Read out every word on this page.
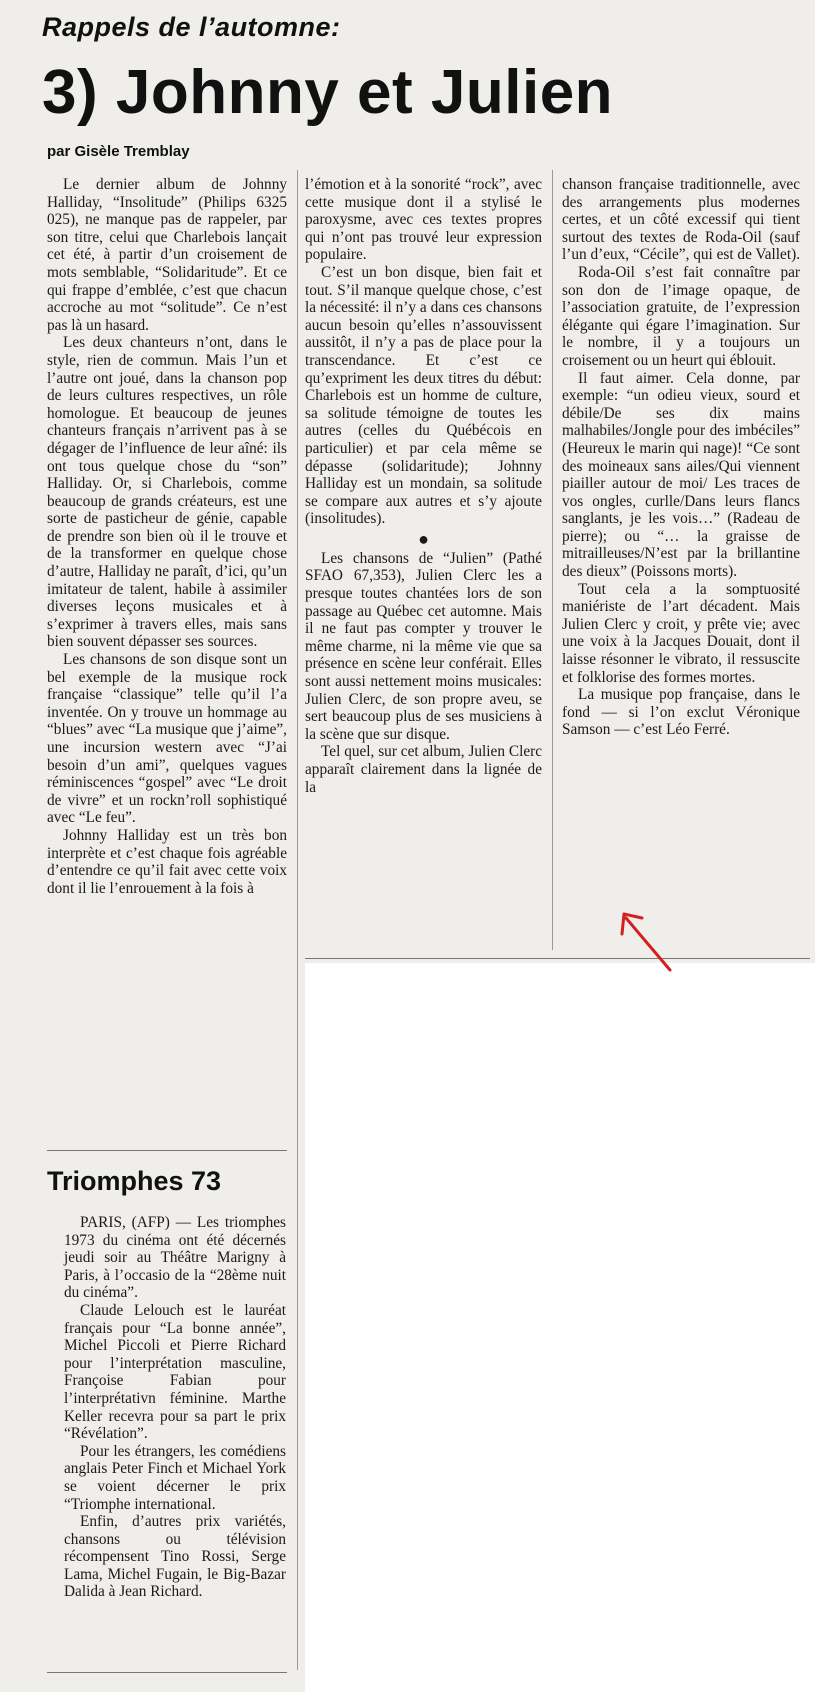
Rappels de l’automne:
3) Johnny et Julien
par Gisèle Tremblay

Le dernier album de Johnny Halliday, “Insolitude” (Philips 6325 025), ne manque pas de rappeler, par son titre, celui que Charlebois lançait cet été, à partir d’un croisement de mots semblable, “Solidaritude”. Et ce qui frappe d’emblée, c’est que chacun accroche au mot “solitude”. Ce n’est pas là un hasard.

Les deux chanteurs n’ont, dans le style, rien de commun. Mais l’un et l’autre ont joué, dans la chanson pop de leurs cultures respectives, un rôle homologue. Et beaucoup de jeunes chanteurs français n’arrivent pas à se dégager de l’influence de leur aîné: ils ont tous quelque chose du “son” Halliday. Or, si Charlebois, comme beaucoup de grands créateurs, est une sorte de pasticheur de génie, capable de prendre son bien où il le trouve et de la transformer en quelque chose d’autre, Halliday ne paraît, d’ici, qu’un imitateur de talent, habile à assimiler diverses leçons musicales et à s’exprimer à travers elles, mais sans bien souvent dépasser ses sources.

Les chansons de son disque sont un bel exemple de la musique rock française “classique” telle qu’il l’a inventée. On y trouve un hommage au “blues” avec “La musique que j’aime”, une incursion western avec “J’ai besoin d’un ami”, quelques vagues réminiscences “gospel” avec “Le droit de vivre” et un rockn’roll sophistiqué avec “Le feu”.

Johnny Halliday est un très bon interprète et c’est chaque fois agréable d’entendre ce qu’il fait avec cette voix dont il lie l’enrouement à la fois à

l’émotion et à la sonorité “rock”, avec cette musique dont il a stylisé le paroxysme, avec ces textes propres qui n’ont pas trouvé leur expression populaire.

C’est un bon disque, bien fait et tout. S’il manque quelque chose, c’est la nécessité: il n’y a dans ces chansons aucun besoin qu’elles n’assouvissent aussitôt, il n’y a pas de place pour la transcendance. Et c’est ce qu’expriment les deux titres du début: Charlebois est un homme de culture, sa solitude témoigne de toutes les autres (celles du Québécois en particulier) et par cela même se dépasse (solidaritude); Johnny Halliday est un mondain, sa solitude se compare aux autres et s’y ajoute (insolitudes).

●

Les chansons de “Julien” (Pathé SFAO 67,353), Julien Clerc les a presque toutes chantées lors de son passage au Québec cet automne. Mais il ne faut pas compter y trouver le même charme, ni la même vie que sa présence en scène leur conférait. Elles sont aussi nettement moins musicales: Julien Clerc, de son propre aveu, se sert beaucoup plus de ses musiciens à la scène que sur disque.

Tel quel, sur cet album, Julien Clerc apparaît clairement dans la lignée de la

chanson française traditionnelle, avec des arrangements plus modernes certes, et un côté excessif qui tient surtout des textes de Roda-Oil (sauf l’un d’eux, “Cécile”, qui est de Vallet).

Roda-Oil s’est fait connaître par son don de l’image opaque, de l’association gratuite, de l’expression élégante qui égare l’imagination. Sur le nombre, il y a toujours un croisement ou un heurt qui éblouit.

Il faut aimer. Cela donne, par exemple: “un odieu vieux, sourd et débile/De ses dix mains malhabiles/Jongle pour des imbéciles” (Heureux le marin qui nage)! “Ce sont des moineaux sans ailes/Qui viennent piailler autour de moi/ Les traces de vos ongles, curlle/Dans leurs flancs sanglants, je les vois…” (Radeau de pierre); ou “… la graisse de mitrailleuses/N’est par la brillantine des dieux” (Poissons morts).

Tout cela a la somptuosité maniériste de l’art décadent. Mais Julien Clerc y croit, y prête vie; avec une voix à la Jacques Douait, dont il laisse résonner le vibrato, il ressuscite et folklorise des formes mortes.

La musique pop française, dans le fond — si l’on exclut Véronique Samson — c’est Léo Ferré.

Triomphes 73

PARIS, (AFP) — Les triomphes 1973 du cinéma ont été décernés jeudi soir au Théâtre Marigny à Paris, à l’occasio de la “28ème nuit du cinéma”.

Claude Lelouch est le lauréat français pour “La bonne année”, Michel Piccoli et Pierre Richard pour l’interprétation masculine, Françoise Fabian pour l’interprétativn féminine. Marthe Keller recevra pour sa part le prix “Révélation”.

Pour les étrangers, les comédiens anglais Peter Finch et Michael York se voient décerner le prix “Triomphe international.

Enfin, d’autres prix variétés, chansons ou télévision récompensent Tino Rossi, Serge Lama, Michel Fugain, le Big-Bazar Dalida à Jean Richard.
